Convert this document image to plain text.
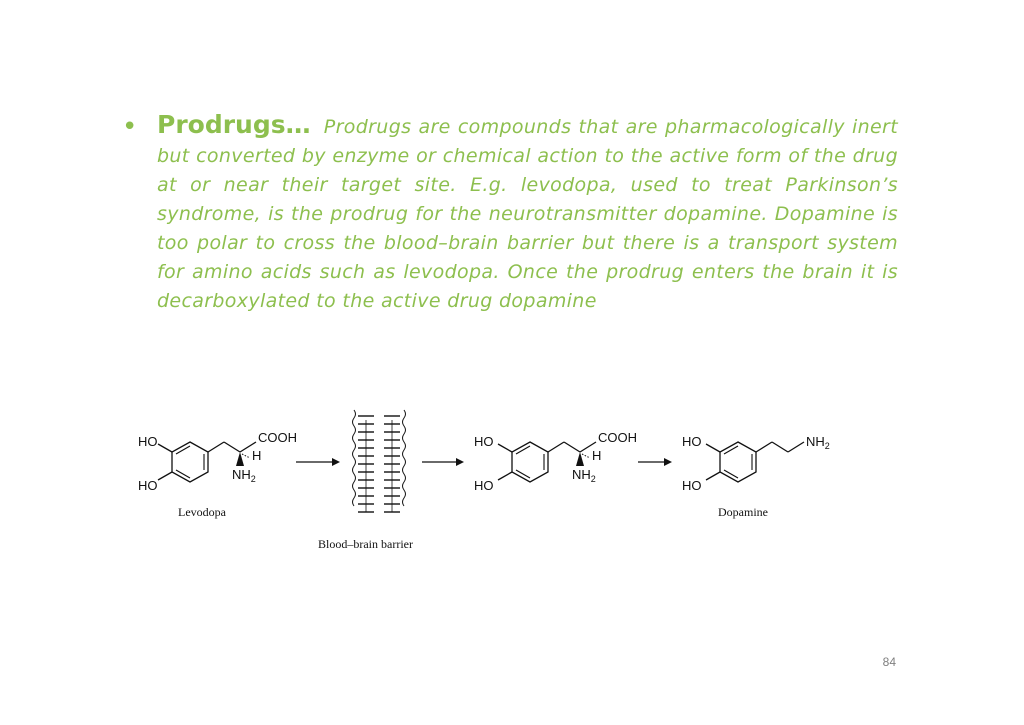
• Prodrugs… Prodrugs are compounds that are pharmacologically inert but converted by enzyme or chemical action to the active form of the drug at or near their target site. E.g. levodopa, used to treat Parkinson’s syndrome, is the prodrug for the neurotransmitter dopamine. Dopamine is too polar to cross the blood–brain barrier but there is a transport system for amino acids such as levodopa. Once the prodrug enters the brain it is decarboxylated to the active drug dopamine
HO
HO
COOH
H
$NH_2$
Levodopa
Blood–brain barrier
HO
HO
COOH
H
$NH_2$
HO
HO
$NH_2$
Dopamine
84
